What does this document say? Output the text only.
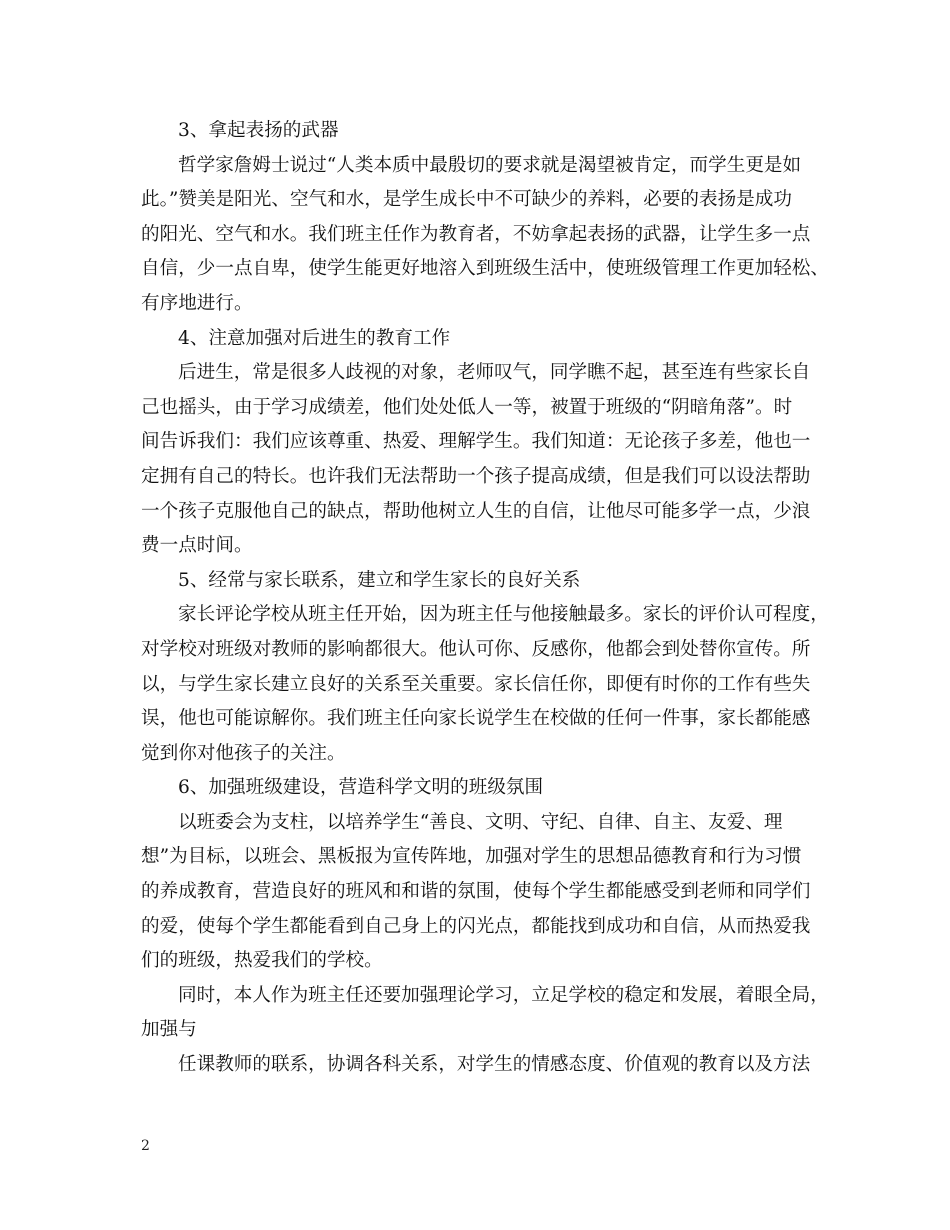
3、拿起表扬的武器
哲学家詹姆士说过“人类本质中最殷切的要求就是渴望被肯定，而学生更是如
此。”赞美是阳光、空气和水，是学生成长中不可缺少的养料，必要的表扬是成功
的阳光、空气和水。我们班主任作为教育者，不妨拿起表扬的武器，让学生多一点
自信，少一点自卑，使学生能更好地溶入到班级生活中，使班级管理工作更加轻松、
有序地进行。
4、注意加强对后进生的教育工作
后进生，常是很多人歧视的对象，老师叹气，同学瞧不起，甚至连有些家长自
己也摇头，由于学习成绩差，他们处处低人一等，被置于班级的“阴暗角落”。时
间告诉我们：我们应该尊重、热爱、理解学生。我们知道：无论孩子多差，他也一
定拥有自己的特长。也许我们无法帮助一个孩子提高成绩，但是我们可以设法帮助
一个孩子克服他自己的缺点，帮助他树立人生的自信，让他尽可能多学一点，少浪
费一点时间。
5、经常与家长联系，建立和学生家长的良好关系
家长评论学校从班主任开始，因为班主任与他接触最多。家长的评价认可程度，
对学校对班级对教师的影响都很大。他认可你、反感你，他都会到处替你宣传。所
以，与学生家长建立良好的关系至关重要。家长信任你，即便有时你的工作有些失
误，他也可能谅解你。我们班主任向家长说学生在校做的任何一件事，家长都能感
觉到你对他孩子的关注。
6、加强班级建设，营造科学文明的班级氛围
以班委会为支柱，以培养学生“善良、文明、守纪、自律、自主、友爱、理
想”为目标，以班会、黑板报为宣传阵地，加强对学生的思想品德教育和行为习惯
的养成教育，营造良好的班风和和谐的氛围，使每个学生都能感受到老师和同学们
的爱，使每个学生都能看到自己身上的闪光点，都能找到成功和自信，从而热爱我
们的班级，热爱我们的学校。
同时，本人作为班主任还要加强理论学习，立足学校的稳定和发展，着眼全局，
加强与
任课教师的联系，协调各科关系，对学生的情感态度、价值观的教育以及方法
2
